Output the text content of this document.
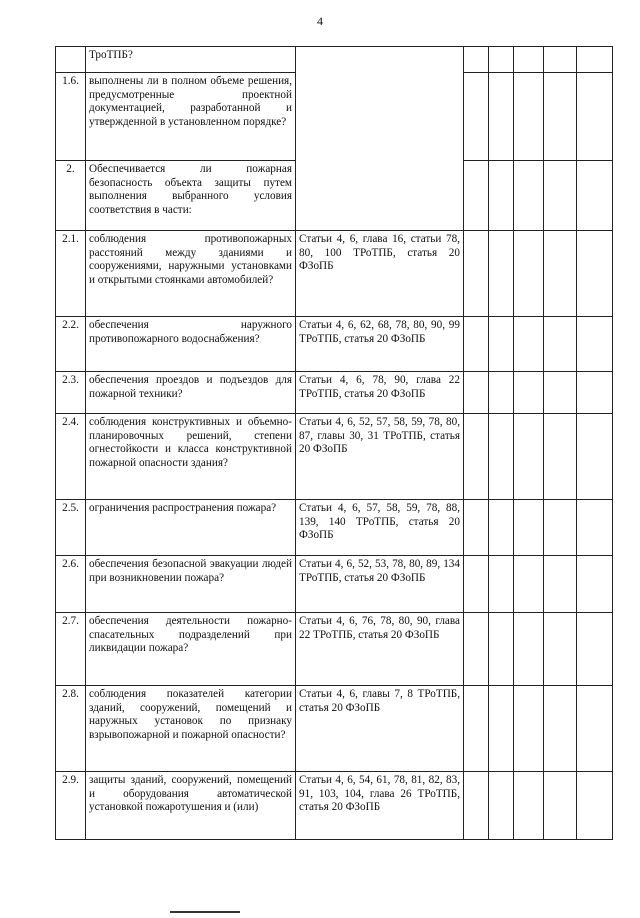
4
	ТроТПБ?						
1.6.	выполнены ли в полном объеме решения, предусмотренные проектной документацией, разработанной и утвержденной в установленном порядке?						
2.	Обеспечивается ли пожарная безопасность объекта защиты путем выполнения выбранного условия соответствия в части:						
2.1.	соблюдения противопожарных расстояний между зданиями и сооружениями, наружными установками и открытыми стоянками автомобилей?	Статьи 4, 6, глава 16, статьи 78, 80, 100 ТРоТПБ, статья 20 ФЗоПБ					
2.2.	обеспечения наружного противопожарного водоснабжения?	Статьи 4, 6, 62, 68, 78, 80, 90, 99 ТРоТПБ, статья 20 ФЗоПБ					
2.3.	обеспечения проездов и подъездов для пожарной техники?	Статьи 4, 6, 78, 90, глава 22 ТРоТПБ, статья 20 ФЗоПБ					
2.4.	соблюдения конструктивных и объемно-планировочных решений, степени огнестойкости и класса конструктивной пожарной опасности здания?	Статьи 4, 6, 52, 57, 58, 59, 78, 80, 87, главы 30, 31 ТРоТПБ, статья 20 ФЗоПБ					
2.5.	ограничения распространения пожара?	Статьи 4, 6, 57, 58, 59, 78, 88, 139, 140 ТРоТПБ, статья 20 ФЗоПБ					
2.6.	обеспечения безопасной эвакуации людей при возникновении пожара?	Статьи 4, 6, 52, 53, 78, 80, 89, 134 ТРоТПБ, статья 20 ФЗоПБ					
2.7.	обеспечения деятельности пожарно-спасательных подразделений при ликвидации пожара?	Статьи 4, 6, 76, 78, 80, 90, глава 22 ТРоТПБ, статья 20 ФЗоПБ					
2.8.	соблюдения показателей категории зданий, сооружений, помещений и наружных установок по признаку взрывопожарной и пожарной опасности?	Статьи 4, 6, главы 7, 8 ТРоТПБ, статья 20 ФЗоПБ					
2.9.	защиты зданий, сооружений, помещений и оборудования автоматической установкой пожаротушения и (или)	Статьи 4, 6, 54, 61, 78, 81, 82, 83, 91, 103, 104, глава 26 ТРоТПБ, статья 20 ФЗоПБ					
